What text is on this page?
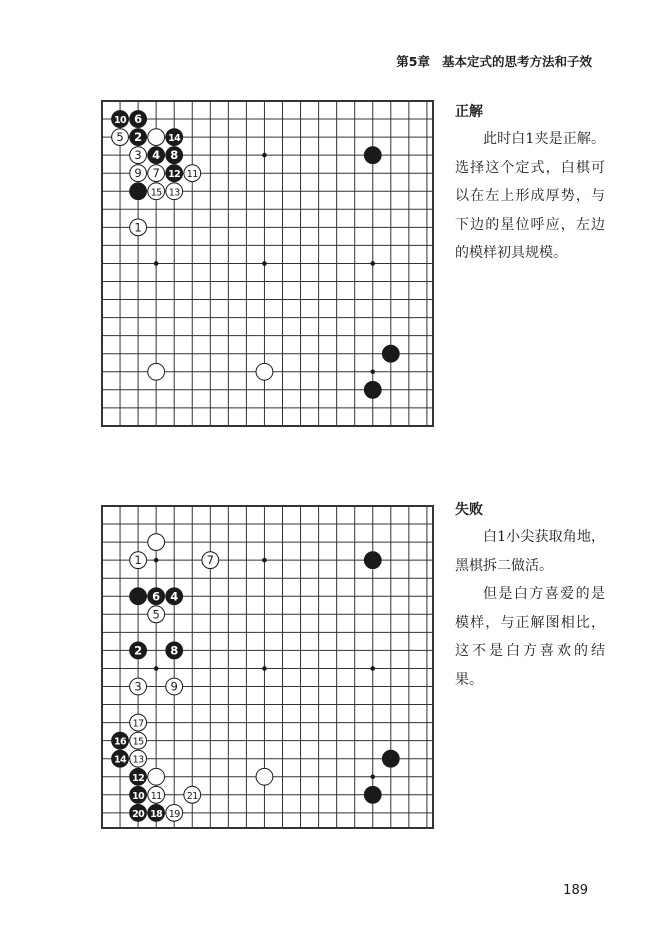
第5章 基本定式的思考方法和子效
10 6
5 2	14
3 4 8
9 7 12 11
15 13
1
正解

此时白1夹是正解。选择这个定式，白棋可以在左上形成厚势，与下边的星位呼应，左边的模样初具规模。

1	7
6 4
5
2 8
3	9
17
16 15
14 13
12
10 11	21
20 18 19
失败

白1小尖获取角地，黑棋拆二做活。

但是白方喜爱的是模样，与正解图相比，这不是白方喜欢的结果。

189
